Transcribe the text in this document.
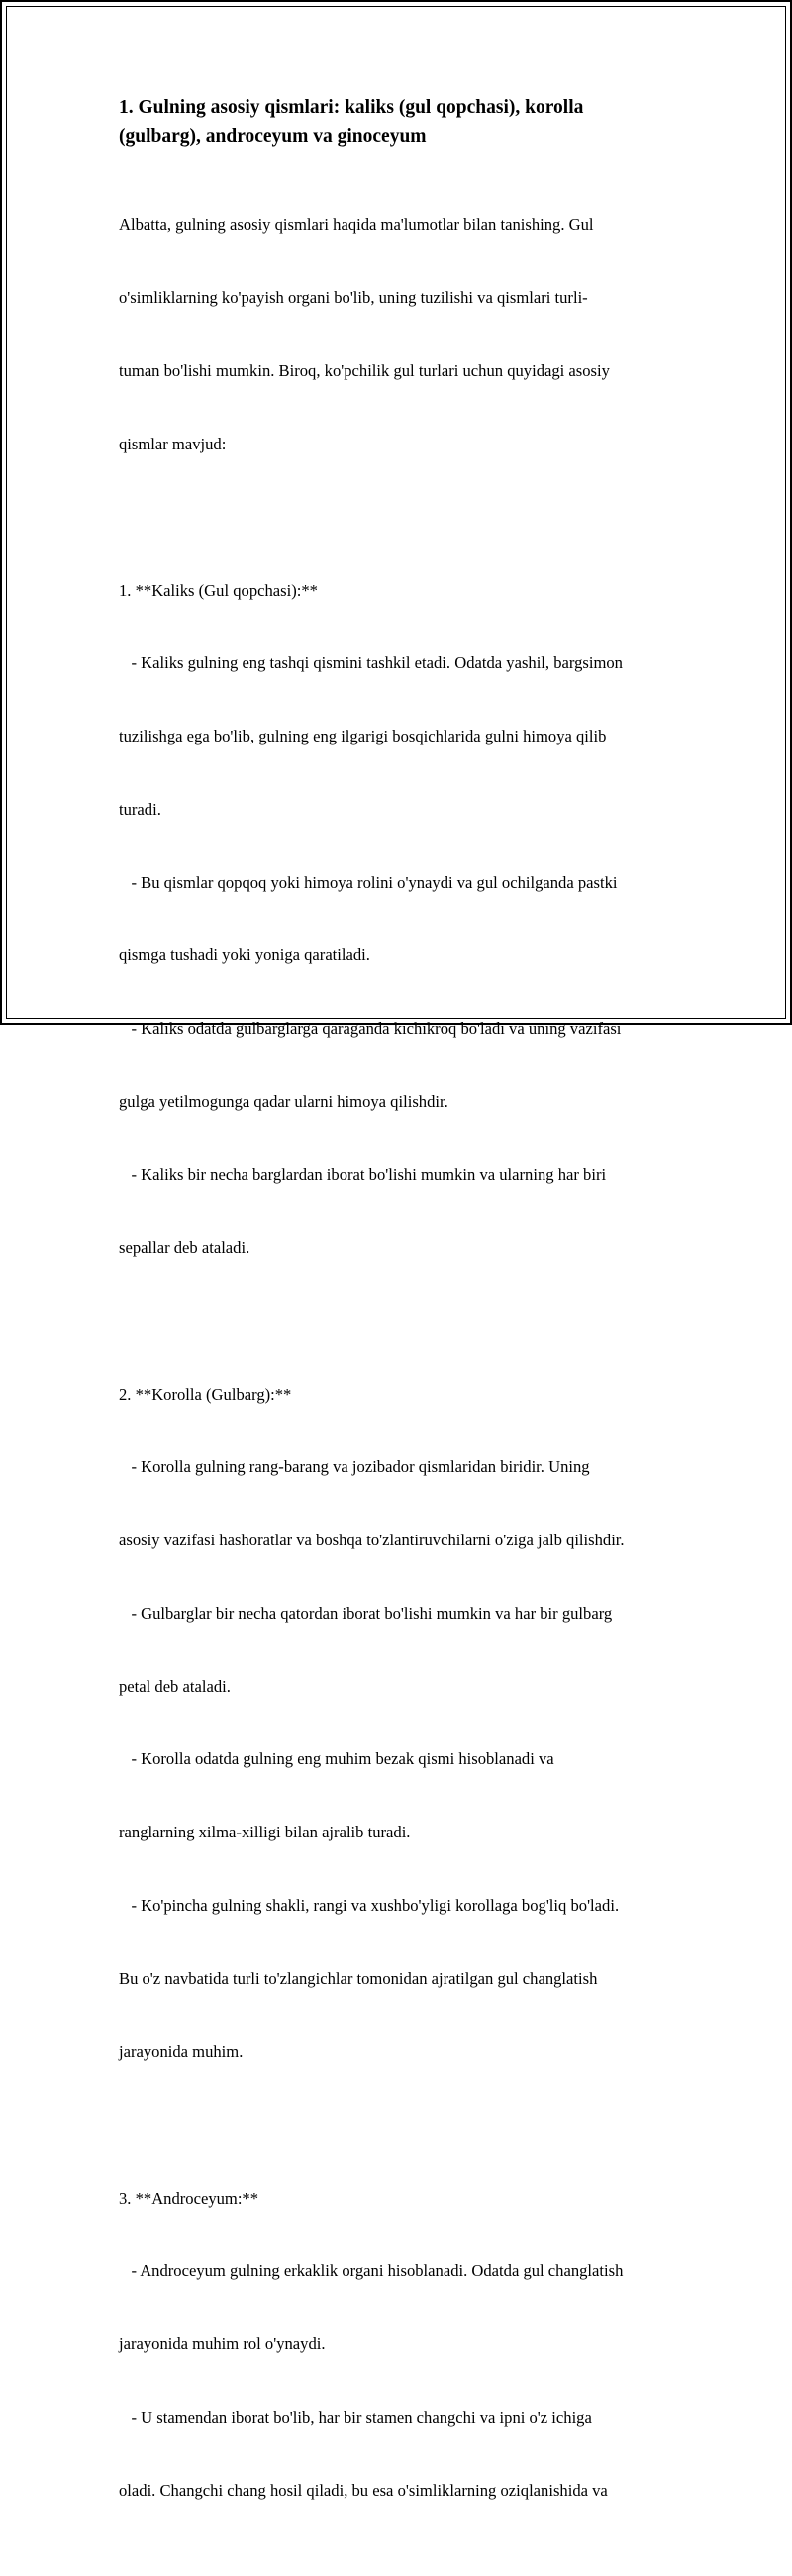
1. Gulning asosiy qismlari: kaliks (gul qopchasi), korolla
(gulbarg), androceyum va ginoceyum

Albatta, gulning asosiy qismlari haqida ma'lumotlar bilan tanishing. Gul

o'simliklarning ko'payish organi bo'lib, uning tuzilishi va qismlari turli-

tuman bo'lishi mumkin. Biroq, ko'pchilik gul turlari uchun quyidagi asosiy

qismlar mavjud:

1. **Kaliks (Gul qopchasi):**

- Kaliks gulning eng tashqi qismini tashkil etadi. Odatda yashil, bargsimon

tuzilishga ega bo'lib, gulning eng ilgarigi bosqichlarida gulni himoya qilib

turadi.

- Bu qismlar qopqoq yoki himoya rolini o'ynaydi va gul ochilganda pastki

qismga tushadi yoki yoniga qaratiladi.

- Kaliks odatda gulbarglarga qaraganda kichikroq bo'ladi va uning vazifasi

gulga yetilmogunga qadar ularni himoya qilishdir.

- Kaliks bir necha barglardan iborat bo'lishi mumkin va ularning har biri

sepallar deb ataladi.

2. **Korolla (Gulbarg):**

- Korolla gulning rang-barang va jozibador qismlaridan biridir. Uning

asosiy vazifasi hashoratlar va boshqa to'zlantiruvchilarni o'ziga jalb qilishdir.

- Gulbarglar bir necha qatordan iborat bo'lishi mumkin va har bir gulbarg

petal deb ataladi.

- Korolla odatda gulning eng muhim bezak qismi hisoblanadi va

ranglarning xilma-xilligi bilan ajralib turadi.

- Ko'pincha gulning shakli, rangi va xushbo'yligi korollaga bog'liq bo'ladi.

Bu o'z navbatida turli to'zlangichlar tomonidan ajratilgan gul changlatish

jarayonida muhim.

3. **Androceyum:**

- Androceyum gulning erkaklik organi hisoblanadi. Odatda gul changlatish

jarayonida muhim rol o'ynaydi.

- U stamendan iborat bo'lib, har bir stamen changchi va ipni o'z ichiga

oladi. Changchi chang hosil qiladi, bu esa o'simliklarning oziqlanishida va
